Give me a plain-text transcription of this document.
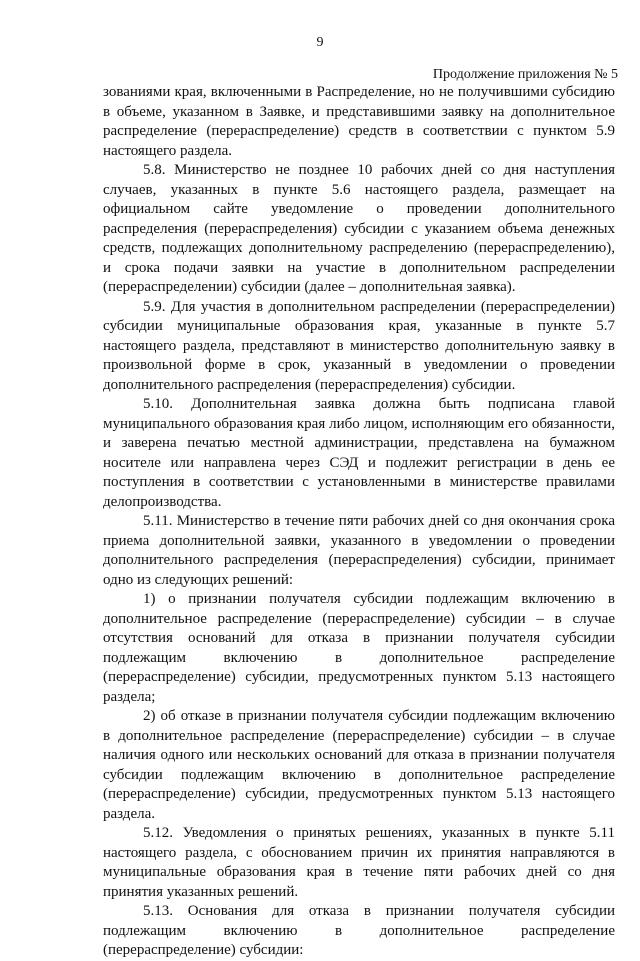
9
Продолжение приложения № 5

зованиями края, включенными в Распределение, но не получившими субсидию в объеме, указанном в Заявке, и представившими заявку на дополнительное распределение (перераспределение) средств в соответствии с пунктом 5.9 настоящего раздела.

5.8. Министерство не позднее 10 рабочих дней со дня наступления случаев, указанных в пункте 5.6 настоящего раздела, размещает на официальном сайте уведомление о проведении дополнительного распределения (перераспределения) субсидии с указанием объема денежных средств, подлежащих дополнительному распределению (перераспределению), и срока подачи заявки на участие в дополнительном распределении (перераспределении) субсидии (далее – дополнительная заявка).

5.9. Для участия в дополнительном распределении (перераспределении) субсидии муниципальные образования края, указанные в пункте 5.7 настоящего раздела, представляют в министерство дополнительную заявку в произвольной форме в срок, указанный в уведомлении о проведении дополнительного распределения (перераспределения) субсидии.

5.10. Дополнительная заявка должна быть подписана главой муниципального образования края либо лицом, исполняющим его обязанности, и заверена печатью местной администрации, представлена на бумажном носителе или направлена через СЭД и подлежит регистрации в день ее поступления в соответствии с установленными в министерстве правилами делопроизводства.

5.11. Министерство в течение пяти рабочих дней со дня окончания срока приема дополнительной заявки, указанного в уведомлении о проведении дополнительного распределения (перераспределения) субсидии, принимает одно из следующих решений:

1) о признании получателя субсидии подлежащим включению в дополнительное распределение (перераспределение) субсидии – в случае отсутствия оснований для отказа в признании получателя субсидии подлежащим включению в дополнительное распределение (перераспределение) субсидии, предусмотренных пунктом 5.13 настоящего раздела;

2) об отказе в признании получателя субсидии подлежащим включению в дополнительное распределение (перераспределение) субсидии – в случае наличия одного или нескольких оснований для отказа в признании получателя субсидии подлежащим включению в дополнительное распределение (перераспределение) субсидии, предусмотренных пунктом 5.13 настоящего раздела.

5.12. Уведомления о принятых решениях, указанных в пункте 5.11 настоящего раздела, с обоснованием причин их принятия направляются в муниципальные образования края в течение пяти рабочих дней со дня принятия указанных решений.

5.13. Основания для отказа в признании получателя субсидии подлежащим включению в дополнительное распределение (перераспределение) субсидии:
